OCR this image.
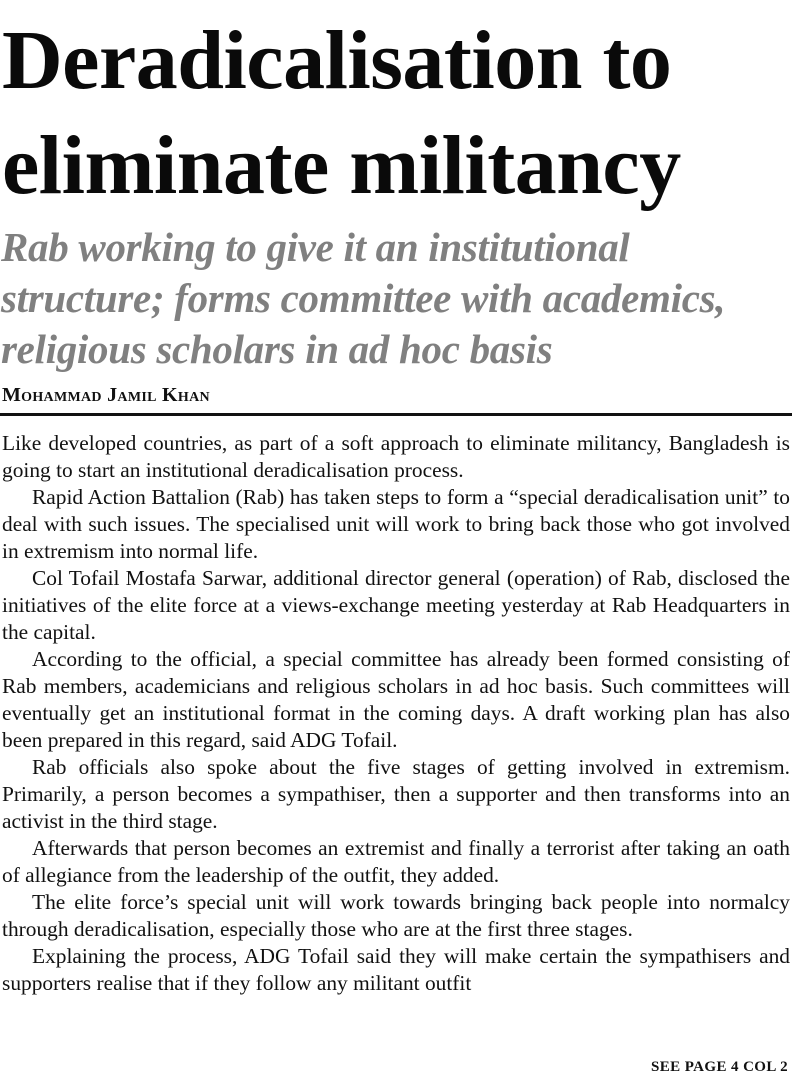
Deradicalisation to
eliminate militancy
Rab working to give it an institutional structure; forms committee with academics, religious scholars in ad hoc basis
Mohammad Jamil Khan

Like developed countries, as part of a soft approach to eliminate militancy, Bangladesh is going to start an institutional deradicalisation process.

Rapid Action Battalion (Rab) has taken steps to form a “special deradicalisation unit” to deal with such issues. The specialised unit will work to bring back those who got involved in extremism into normal life.

Col Tofail Mostafa Sarwar, additional director general (operation) of Rab, disclosed the initiatives of the elite force at a views-exchange meeting yesterday at Rab Headquarters in the capital.

According to the official, a special committee has already been formed consisting of Rab members, academicians and religious scholars in ad hoc basis. Such committees will eventually get an institutional format in the coming days. A draft working plan has also been prepared in this regard, said ADG Tofail.

Rab officials also spoke about the five stages of getting involved in extremism. Primarily, a person becomes a sympathiser, then a supporter and then transforms into an activist in the third stage.

Afterwards that person becomes an extremist and finally a terrorist after taking an oath of allegiance from the leadership of the outfit, they added.

The elite force’s special unit will work towards bringing back people into normalcy through deradicalisation, especially those who are at the first three stages.

Explaining the process, ADG Tofail said they will make certain the sympathisers and supporters realise that if they follow any militant outfit

SEE PAGE 4 COL 2
